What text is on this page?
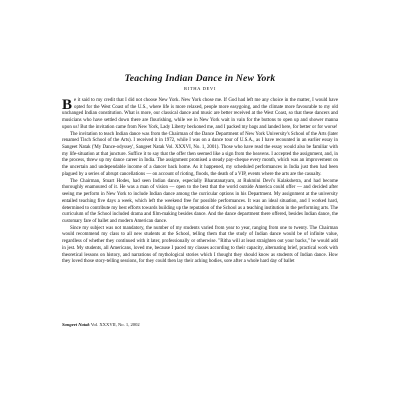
Teaching Indian Dance in New York
RITHA DEVI

Be it said to my credit that I did not choose New York. New York chose me. If God had left me any choice in the matter, I would have opted for the West Coast of the U.S., where life is more relaxed, people more easygoing, and the climate more favourable to my old unchanged Indian constitution. What is more, our classical dance and music are better received at the West Coast, so that these dancers and musicians who have settled down there are flourishing, while we in New York wait in vain for the buttons to open up and shower manna upon us! But the invitation came from New York, Lady Liberty beckoned me, and I packed my bags and landed here, for better or for worse!

The invitation to teach Indian dance was from the Chairman of the Dance Department of New York University's School of the Arts (later renamed Tisch School of the Arts). I received it in 1972, while I was on a dance tour of U.S.A., as I have recounted in an earlier essay in Sangeet Natak ('My Dance-odyssey', Sangeet Natak Vol. XXXVI, No. 1, 2001). Those who have read the essay would also be familiar with my life-situation at that juncture. Suffice it to say that the offer then seemed like a sign from the heavens. I accepted the assignment, and, in the process, threw up my dance career in India. The assignment promised a steady pay-cheque every month, which was an improvement on the uncertain and undependable income of a dancer back home. As it happened, my scheduled performances in India just then had been plagued by a series of abrupt cancellations — on account of rioting, floods, the death of a VIP, events where the arts are the casualty.

The Chairman, Stuart Hodes, had seen Indian dance, especially Bharatanatyam, at Rukmini Devi's Kalakshetra, and had become thoroughly enamoured of it. He was a man of vision — open to the best that the world outside America could offer — and decided after seeing me perform in New York to include Indian dance among the curricular options in his Department. My assignment at the university entailed teaching five days a week, which left the weekend free for possible performances. It was an ideal situation, and I worked hard, determined to contribute my best efforts towards building up the reputation of the School as a teaching institution in the performing arts. The curriculum of the School included drama and film-making besides dance. And the dance department there offered, besides Indian dance, the customary fare of ballet and modern American dance.

Since my subject was not mandatory, the number of my students varied from year to year, ranging from one to twenty. The Chairman would recommend my class to all new students at the School, telling them that the study of Indian dance would be of infinite value, regardless of whether they continued with it later, professionally or otherwise. "Ritha will at least straighten out your backs," he would add in jest. My students, all Americans, loved me, because I paced my classes according to their capacity, alternating brief, practical work with theoretical lessons on history, and narrations of mythological stories which I thought they should know as students of Indian dance. How they loved those story-telling sessions, for they could then lay their aching bodies, sore after a whole hard day of ballet

Sangeet Natak Vol. XXXVII, No. 1, 2002
